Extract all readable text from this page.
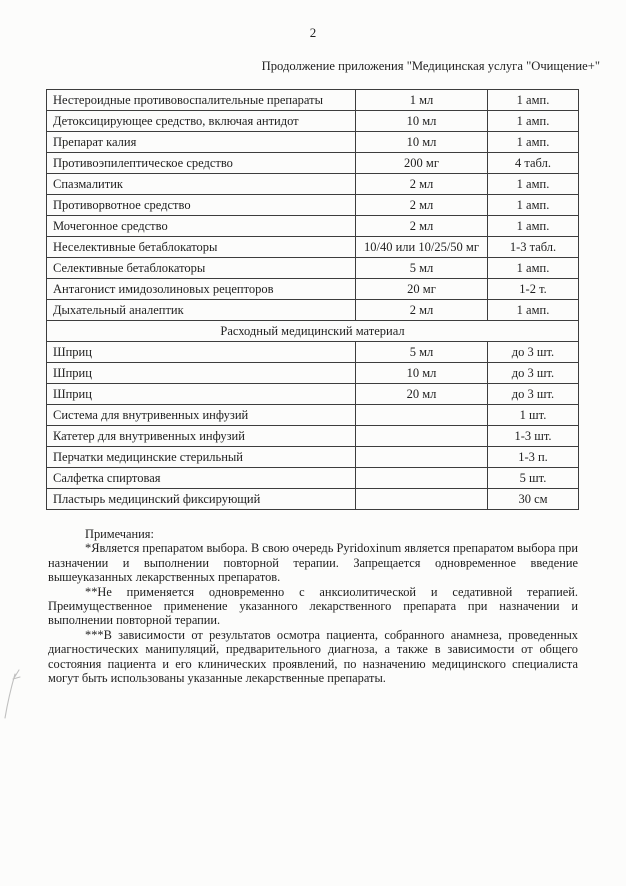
2
Продолжение приложения "Медицинская услуга "Очищение+"
Нестероидные противовоспалительные препараты	1 мл	1 амп.
Детоксицирующее средство, включая антидот	10 мл	1 амп.
Препарат калия	10 мл	1 амп.
Противоэпилептическое средство	200 мг	4 табл.
Спазмалитик	2 мл	1 амп.
Противорвотное средство	2 мл	1 амп.
Мочегонное средство	2 мл	1 амп.
Неселективные бетаблокаторы	10/40 или 10/25/50 мг	1-3 табл.
Селективные бетаблокаторы	5 мл	1 амп.
Антагонист имидозолиновых рецепторов	20 мг	1-2 т.
Дыхательный аналептик	2 мл	1 амп.
Расходный медицинский материал		
Шприц	5 мл	до 3 шт.
Шприц	10 мл	до 3 шт.
Шприц	20 мл	до 3 шт.
Система для внутривенных инфузий		1 шт.
Катетер для внутривенных инфузий		1-3 шт.
Перчатки медицинские стерильный		1-3 п.
Салфетка спиртовая		5 шт.
Пластырь медицинский фиксирующий		30 см

Примечания:

*Является препаратом выбора. В свою очередь Pyridoxinum является препаратом выбора при назначении и выполнении повторной терапии. Запрещается одновременное введение вышеуказанных лекарственных препаратов.

**Не применяется одновременно с анксиолитической и седативной терапией. Преимущественное применение указанного лекарственного препарата при назначении и выполнении повторной терапии.

***В зависимости от результатов осмотра пациента, собранного анамнеза, проведенных диагностических манипуляций, предварительного диагноза, а также в зависимости от общего состояния пациента и его клинических проявлений, по назначению медицинского специалиста могут быть использованы указанные лекарственные препараты.
